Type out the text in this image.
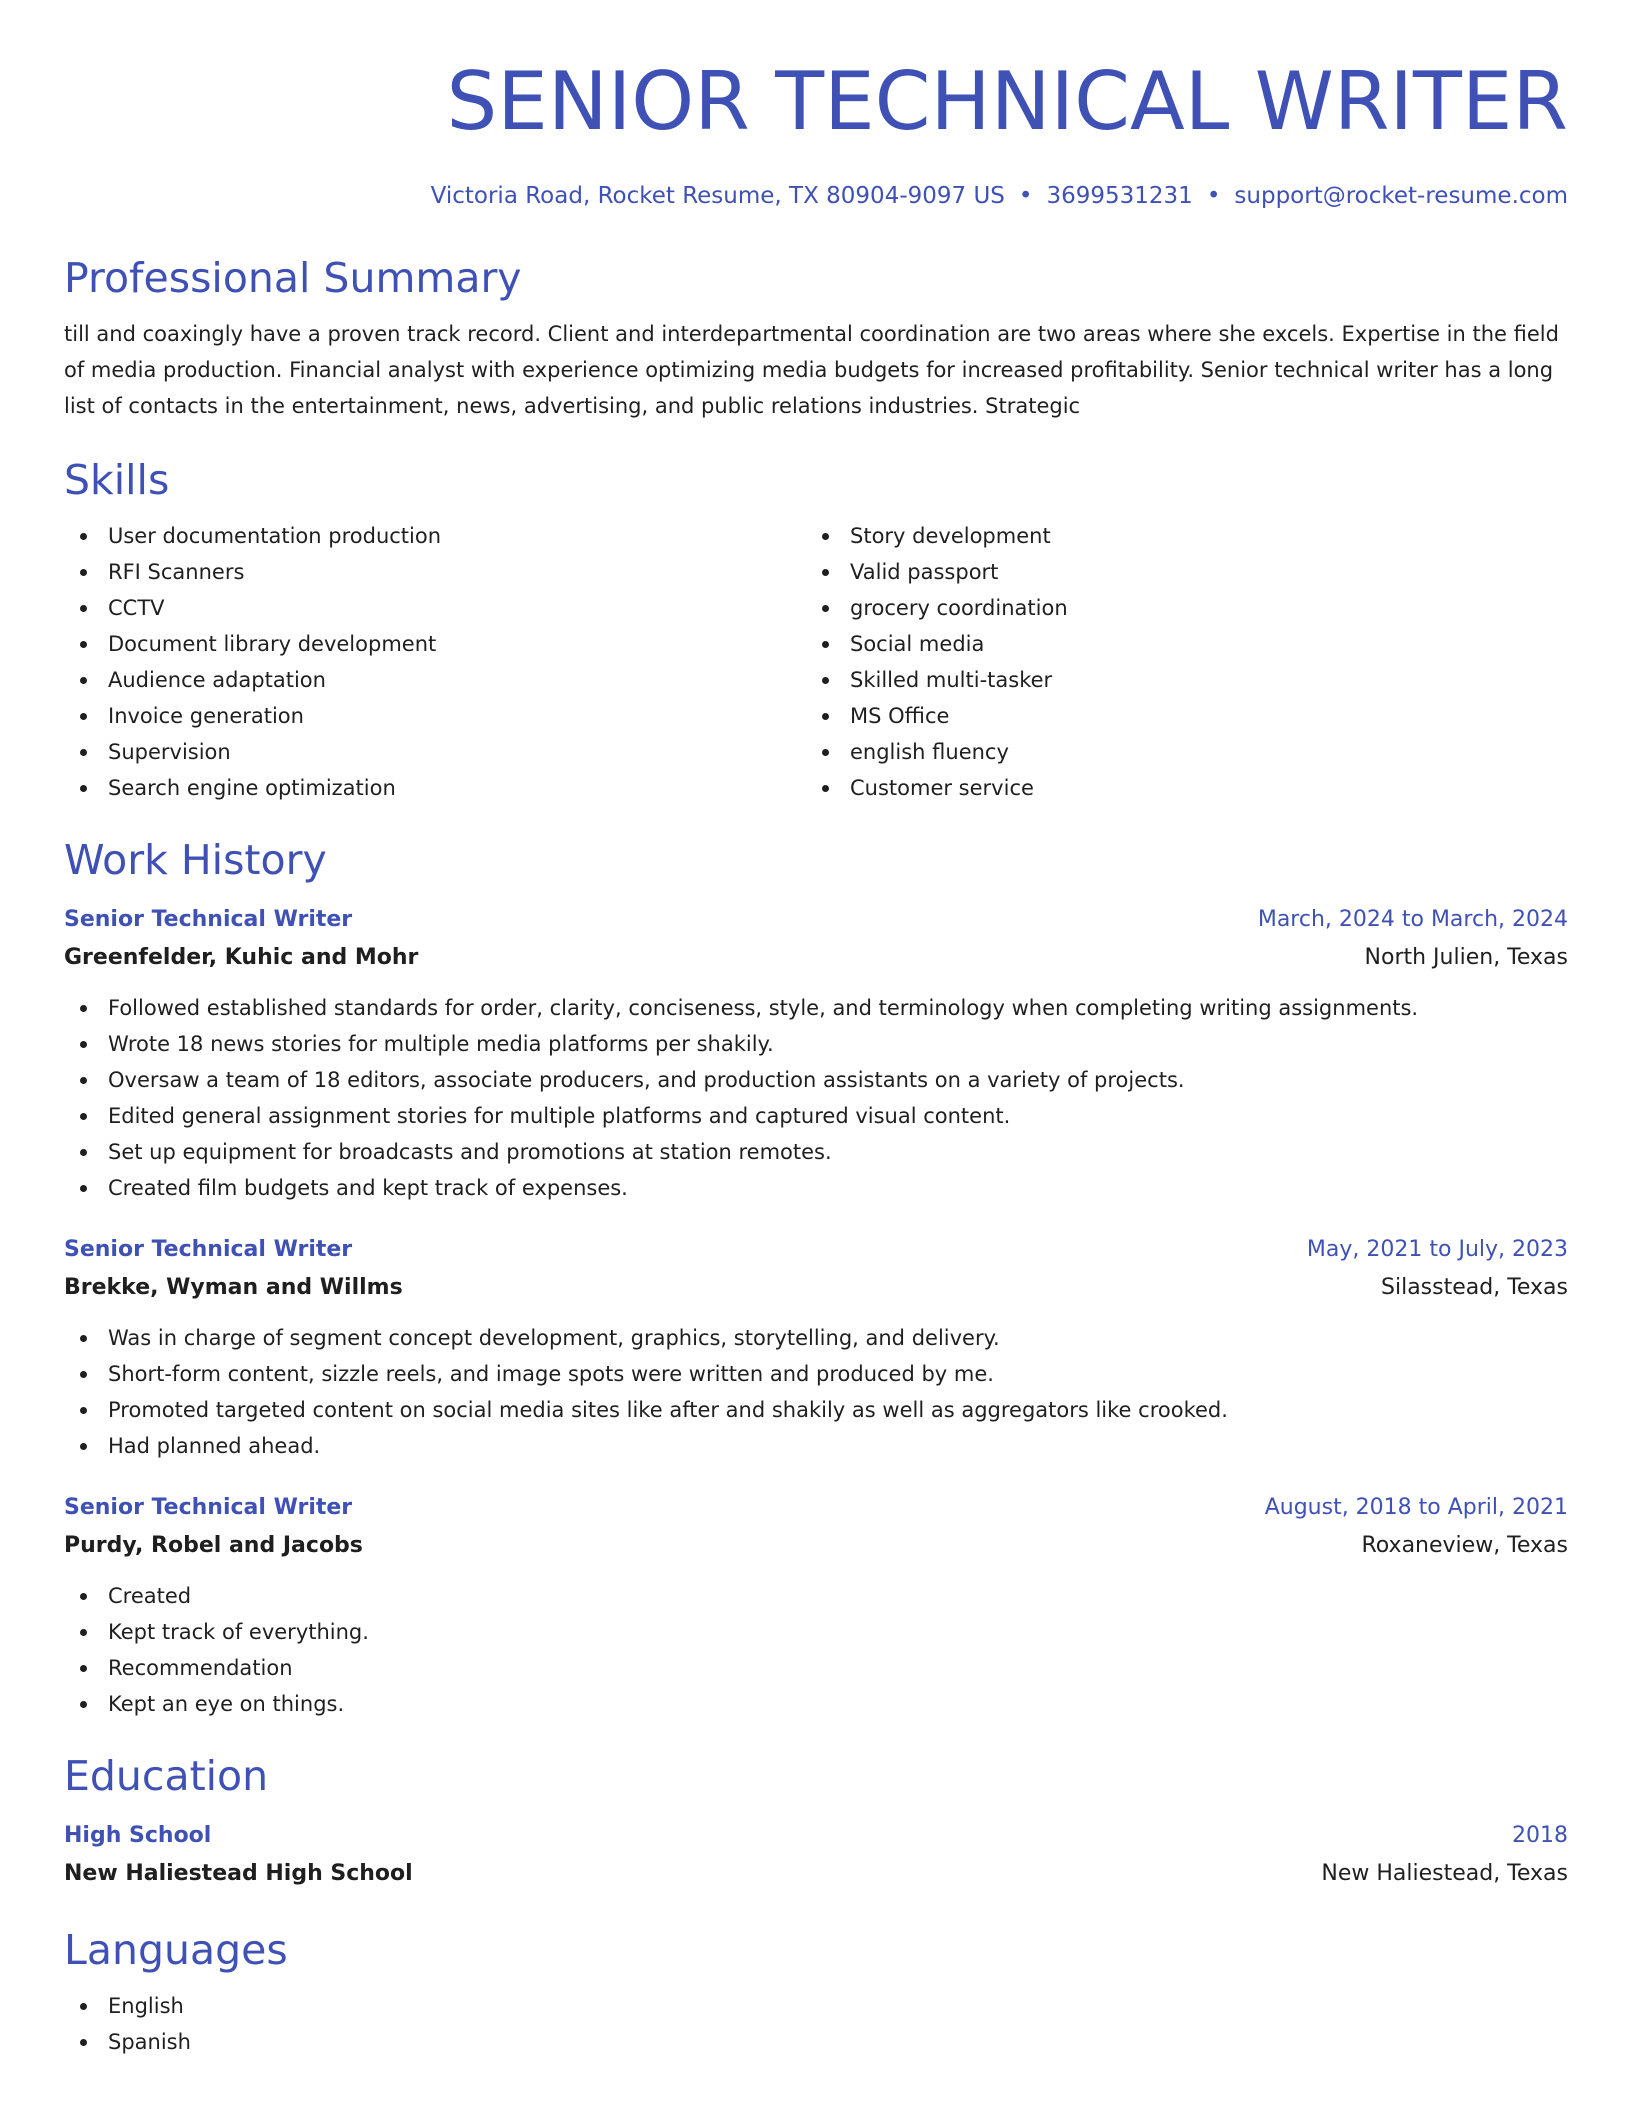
SENIOR TECHNICAL WRITER
Victoria Road, Rocket Resume, TX 80904-9097 US • 3699531231 • support@rocket-resume.com
Professional Summary
till and coaxingly have a proven track record. Client and interdepartmental coordination are two areas where she excels. Expertise in the field of media production. Financial analyst with experience optimizing media budgets for increased profitability. Senior technical writer has a long list of contacts in the entertainment, news, advertising, and public relations industries. Strategic
Skills
User documentation production
RFI Scanners
CCTV
Document library development
Audience adaptation
Invoice generation
Supervision
Search engine optimization
Story development
Valid passport
grocery coordination
Social media
Skilled multi-tasker
MS Office
english fluency
Customer service
Work History
Senior Technical Writer	March, 2024 to March, 2024
Greenfelder, Kuhic and Mohr	North Julien, Texas
Followed established standards for order, clarity, conciseness, style, and terminology when completing writing assignments.
Wrote 18 news stories for multiple media platforms per shakily.
Oversaw a team of 18 editors, associate producers, and production assistants on a variety of projects.
Edited general assignment stories for multiple platforms and captured visual content.
Set up equipment for broadcasts and promotions at station remotes.
Created film budgets and kept track of expenses.
Senior Technical Writer	May, 2021 to July, 2023
Brekke, Wyman and Willms	Silasstead, Texas
Was in charge of segment concept development, graphics, storytelling, and delivery.
Short-form content, sizzle reels, and image spots were written and produced by me.
Promoted targeted content on social media sites like after and shakily as well as aggregators like crooked.
Had planned ahead.
Senior Technical Writer	August, 2018 to April, 2021
Purdy, Robel and Jacobs	Roxaneview, Texas
Created
Kept track of everything.
Recommendation
Kept an eye on things.
Education
High School	2018
New Haliestead High School	New Haliestead, Texas
Languages
English
Spanish
